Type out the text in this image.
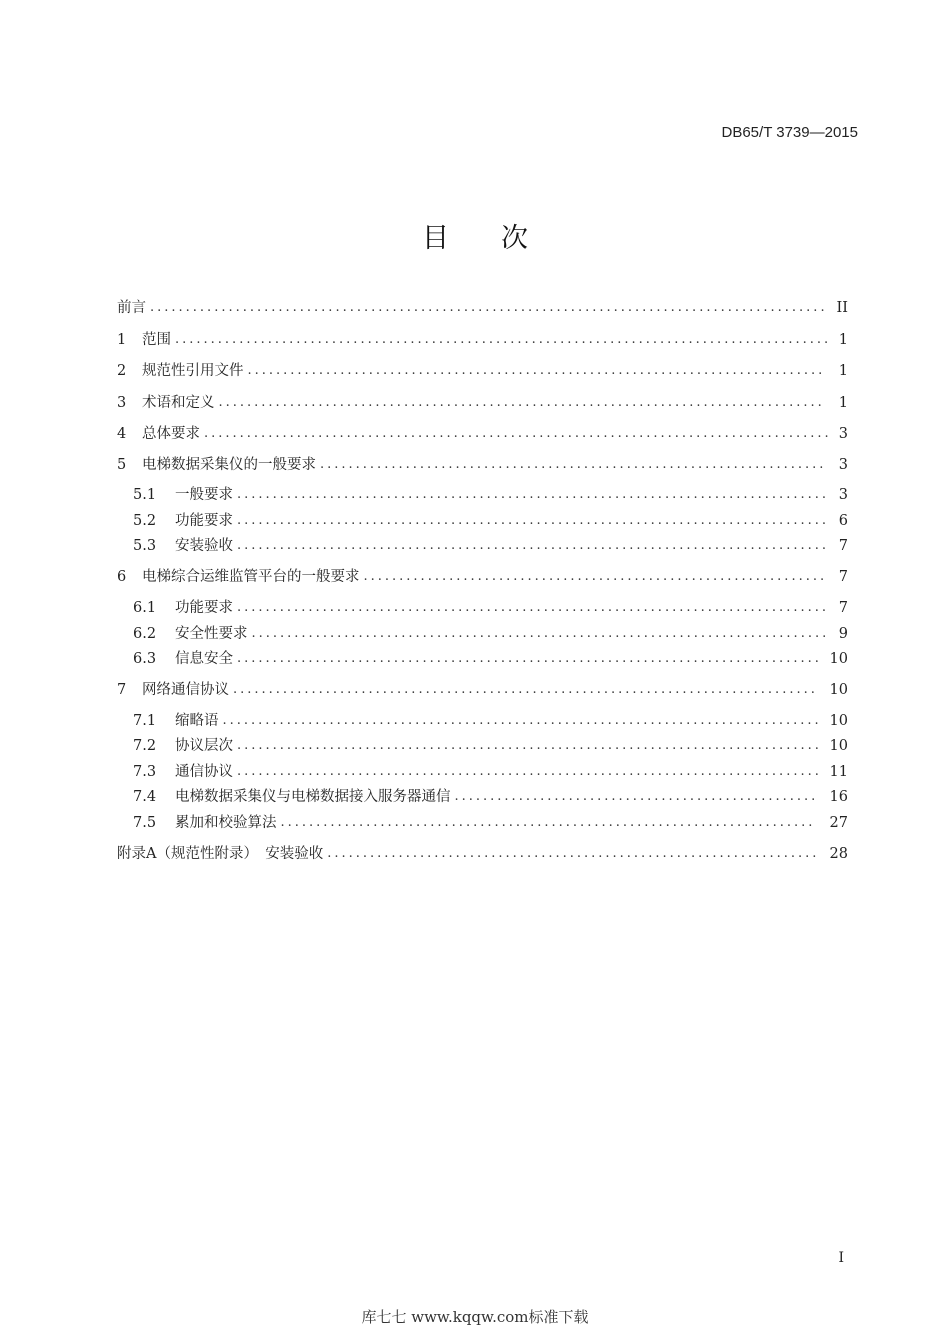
DB65/T 3739—2015
目次
前言 ............................................................................................... II
1	范围 ............................................................................................ 1
2	规范性引用文件 ................................................................................. 1
3	术语和定义 ..................................................................................... 1
4	总体要求 ........................................................................................ 3
5	电梯数据采集仪的一般要求 ....................................................................... 3
5.1	一般要求 ................................................................................... 3
5.2	功能要求 ................................................................................... 6
5.3	安装验收 ................................................................................... 7
6	电梯综合运维监管平台的一般要求 ................................................................. 7
6.1	功能要求 ................................................................................... 7
6.2	安全性要求 ................................................................................. 9
6.3	信息安全 .................................................................................. 10
7	网络通信协议 .................................................................................. 10
7.1	缩略语 .................................................................................... 10
7.2	协议层次 .................................................................................. 10
7.3	通信协议 .................................................................................. 11
7.4	电梯数据采集仪与电梯数据接入服务器通信 ................................................... 16
7.5	累加和校验算法 ........................................................................... 27
附录A（规范性附录）　安装验收 ..................................................................... 28
I
库七七 www.kqqw.com标准下载
